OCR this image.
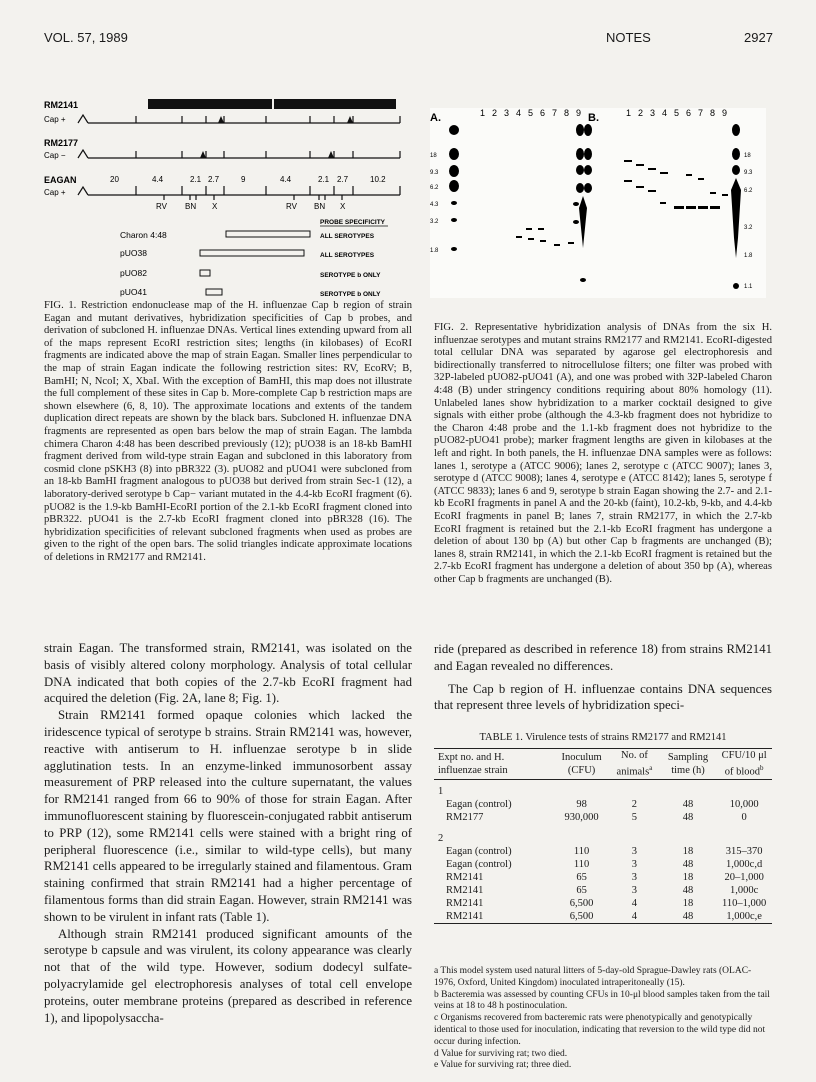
VOL. 57, 1989	NOTES	2927
RM2141
Cap +
RM2177
Cap −
EAGAN
Cap +
20	4.4	2.1 2.7	9	4.4	2.1 2.7	10.2
RV BN X	RV BN X
PROBE SPECIFICITY
Charon 4:48	ALL SEROTYPES
pUO38	ALL SEROTYPES
pUO82	SEROTYPE b ONLY
pUO41	SEROTYPE b ONLY

FIG. 1. Restriction endonuclease map of the H. influenzae Cap b region of strain Eagan and mutant derivatives, hybridization specificities of Cap b probes, and derivation of subcloned H. influenzae DNAs. Vertical lines extending upward from all of the maps represent EcoRI restriction sites; lengths (in kilobases) of EcoRI fragments are indicated above the map of strain Eagan. Smaller lines perpendicular to the map of strain Eagan indicate the following restriction sites: RV, EcoRV; B, BamHI; N, NcoI; X, XbaI. With the exception of BamHI, this map does not illustrate the full complement of these sites in Cap b. More-complete Cap b restriction maps are shown elsewhere (6, 8, 10). The approximate locations and extents of the tandem duplication direct repeats are shown by the black bars. Subcloned H. influenzae DNA fragments are represented as open bars below the map of strain Eagan. The lambda chimera Charon 4:48 has been described previously (12); pUO38 is an 18-kb BamHI fragment derived from wild-type strain Eagan and subcloned in this laboratory from cosmid clone pSKH3 (8) into pBR322 (3). pUO82 and pUO41 were subcloned from an 18-kb BamHI fragment analogous to pUO38 but derived from strain Sec-1 (12), a laboratory-derived serotype b Cap− variant mutated in the 4.4-kb EcoRI fragment (6). pUO82 is the 1.9-kb BamHI-EcoRI portion of the 2.1-kb EcoRI fragment cloned into pBR322. pUO41 is the 2.7-kb EcoRI fragment cloned into pBR328 (16). The hybridization specificities of relevant subcloned fragments when used as probes are given to the right of the open bars. The solid triangles indicate approximate locations of deletions in RM2177 and RM2141.

A.	B.
1 2 3 4 5 6 7 8 9	1 2 3 4 5 6 7 8 9
18
9.3
6.2
4.3
3.2
1.8
18
9.3
6.2
3.2
1.8
1.1

FIG. 2. Representative hybridization analysis of DNAs from the six H. influenzae serotypes and mutant strains RM2177 and RM2141. EcoRI-digested total cellular DNA was separated by agarose gel electrophoresis and bidirectionally transferred to nitrocellulose filters; one filter was probed with 32P-labeled pUO82-pUO41 (A), and one was probed with 32P-labeled Charon 4:48 (B) under stringency conditions requiring about 80% homology (11). Unlabeled lanes show hybridization to a marker cocktail designed to give signals with either probe (although the 4.3-kb fragment does not hybridize to the Charon 4:48 probe and the 1.1-kb fragment does not hybridize to the pUO82-pUO41 probe); marker fragment lengths are given in kilobases at the left and right. In both panels, the H. influenzae DNA samples were as follows: lanes 1, serotype a (ATCC 9006); lanes 2, serotype c (ATCC 9007); lanes 3, serotype d (ATCC 9008); lanes 4, serotype e (ATCC 8142); lanes 5, serotype f (ATCC 9833); lanes 6 and 9, serotype b strain Eagan showing the 2.7- and 2.1-kb EcoRI fragments in panel A and the 20-kb (faint), 10.2-kb, 9-kb, and 4.4-kb EcoRI fragments in panel B; lanes 7, strain RM2177, in which the 2.7-kb EcoRI fragment is retained but the 2.1-kb EcoRI fragment has undergone a deletion of about 130 bp (A) but other Cap b fragments are unchanged (B); lanes 8, strain RM2141, in which the 2.1-kb EcoRI fragment is retained but the 2.7-kb EcoRI fragment has undergone a deletion of about 350 bp (A), whereas other Cap b fragments are unchanged (B).

strain Eagan. The transformed strain, RM2141, was isolated on the basis of visibly altered colony morphology. Analysis of total cellular DNA indicated that both copies of the 2.7-kb EcoRI fragment had acquired the deletion (Fig. 2A, lane 8; Fig. 1).

Strain RM2141 formed opaque colonies which lacked the iridescence typical of serotype b strains. Strain RM2141 was, however, reactive with antiserum to H. influenzae serotype b in slide agglutination tests. In an enzyme-linked immunosorbent assay measurement of PRP released into the culture supernatant, the values for RM2141 ranged from 66 to 90% of those for strain Eagan. After immunofluorescent staining by fluorescein-conjugated rabbit antiserum to PRP (12), some RM2141 cells were stained with a bright ring of peripheral fluorescence (i.e., similar to wild-type cells), but many RM2141 cells appeared to be irregularly stained and filamentous. Gram staining confirmed that strain RM2141 had a higher percentage of filamentous forms than did strain Eagan. However, strain RM2141 was shown to be virulent in infant rats (Table 1).

Although strain RM2141 produced significant amounts of the serotype b capsule and was virulent, its colony appearance was clearly not that of the wild type. However, sodium dodecyl sulfate-polyacrylamide gel electrophoresis analyses of total cell envelope proteins, outer membrane proteins (prepared as described in reference 1), and lipopolysaccha-

ride (prepared as described in reference 18) from strains RM2141 and Eagan revealed no differences.

The Cap b region of H. influenzae contains DNA sequences that represent three levels of hybridization speci-

TABLE 1. Virulence tests of strains RM2177 and RM2141
Expt no. and H. influenzae strain	Inoculum (CFU)	No. of animals$^a$	Sampling time (h)	CFU/10 μl of blood$^b$
1				
Eagan (control)	98	2	48	10,000
RM2177	930,000	5	48	0
2				
Eagan (control)	110	3	18	315–370
Eagan (control)	110	3	48	1,000c,d
RM2141	65	3	18	20–1,000
RM2141	65	3	48	1,000c
RM2141	6,500	4	18	110–1,000
RM2141	6,500	4	48	1,000c,e

a This model system used natural litters of 5-day-old Sprague-Dawley rats (OLAC-1976, Oxford, United Kingdom) inoculated intraperitoneally (15).

b Bacteremia was assessed by counting CFUs in 10-μl blood samples taken from the tail veins at 18 to 48 h postinoculation.

c Organisms recovered from bacteremic rats were phenotypically and genotypically identical to those used for inoculation, indicating that reversion to the wild type did not occur during infection.

d Value for surviving rat; two died.

e Value for surviving rat; three died.
